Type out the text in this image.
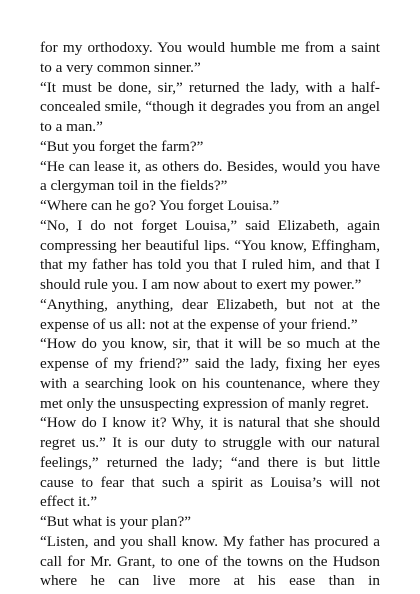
for my orthodoxy. You would humble me from a saint to a very common sinner.”

“It must be done, sir,” returned the lady, with a half-concealed smile, “though it degrades you from an angel to a man.”

“But you forget the farm?”

“He can lease it, as others do. Besides, would you have a clergyman toil in the fields?”

“Where can he go? You forget Louisa.”

“No, I do not forget Louisa,” said Elizabeth, again compressing her beautiful lips. “You know, Effingham, that my father has told you that I ruled him, and that I should rule you. I am now about to exert my power.”

“Anything, anything, dear Elizabeth, but not at the expense of us all: not at the expense of your friend.”

“How do you know, sir, that it will be so much at the expense of my friend?” said the lady, fixing her eyes with a searching look on his countenance, where they met only the unsuspecting expression of manly regret.

“How do I know it? Why, it is natural that she should regret us.” It is our duty to struggle with our natural feelings,” returned the lady; “and there is but little cause to fear that such a spirit as Louisa’s will not effect it.”

“But what is your plan?”

“Listen, and you shall know. My father has procured a call for Mr. Grant, to one of the towns on the Hudson where he can live more at his ease than in
